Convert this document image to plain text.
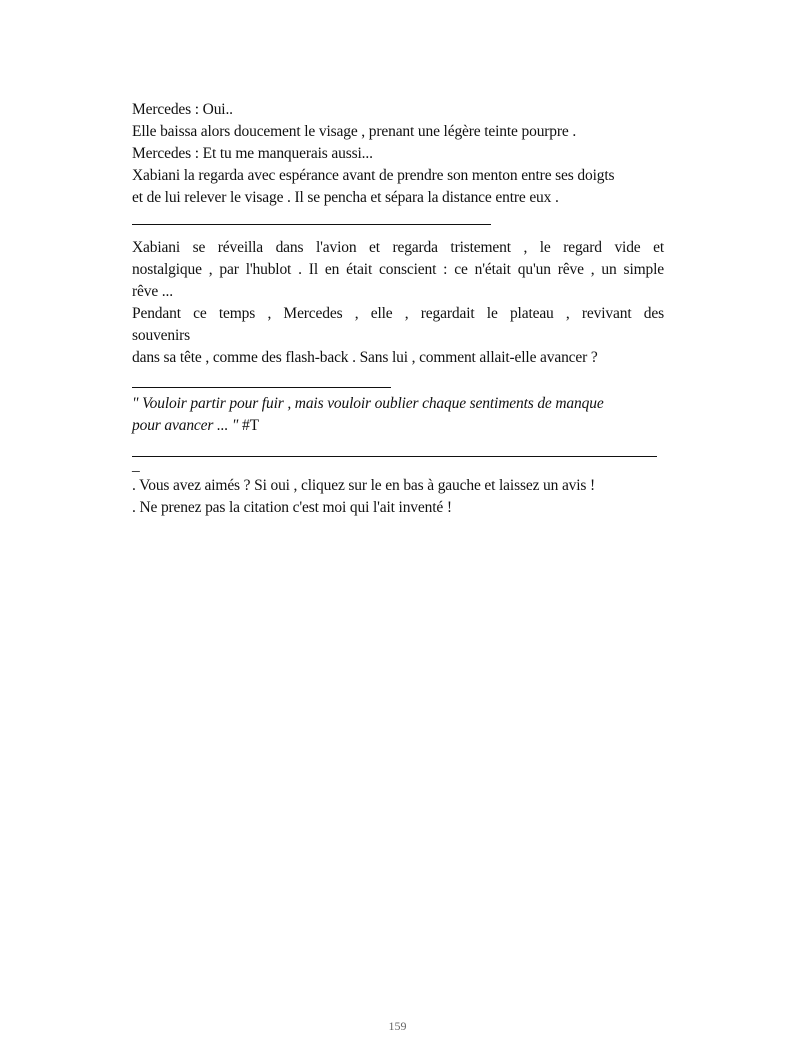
Mercedes : Oui..
Elle baissa alors doucement le visage , prenant une légère teinte pourpre .
Mercedes : Et tu me manquerais aussi...
Xabiani la regarda avec espérance avant de prendre son menton entre ses doigts
et de lui relever le visage . Il se pencha et sépara la distance entre eux .
Xabiani se réveilla dans l'avion et regarda tristement , le regard vide et
nostalgique , par l'hublot . Il en était conscient : ce n'était qu'un rêve , un simple
rêve ...
Pendant ce temps , Mercedes , elle , regardait le plateau , revivant des
souvenirs
dans sa tête , comme des flash-back . Sans lui , comment allait-elle avancer ?
" Vouloir partir pour fuir , mais vouloir oublier chaque sentiments de manque
pour avancer ... " #T
_
. Vous avez aimés ? Si oui , cliquez sur le en bas à gauche et laissez un avis !
. Ne prenez pas la citation c'est moi qui l'ait inventé !
159
